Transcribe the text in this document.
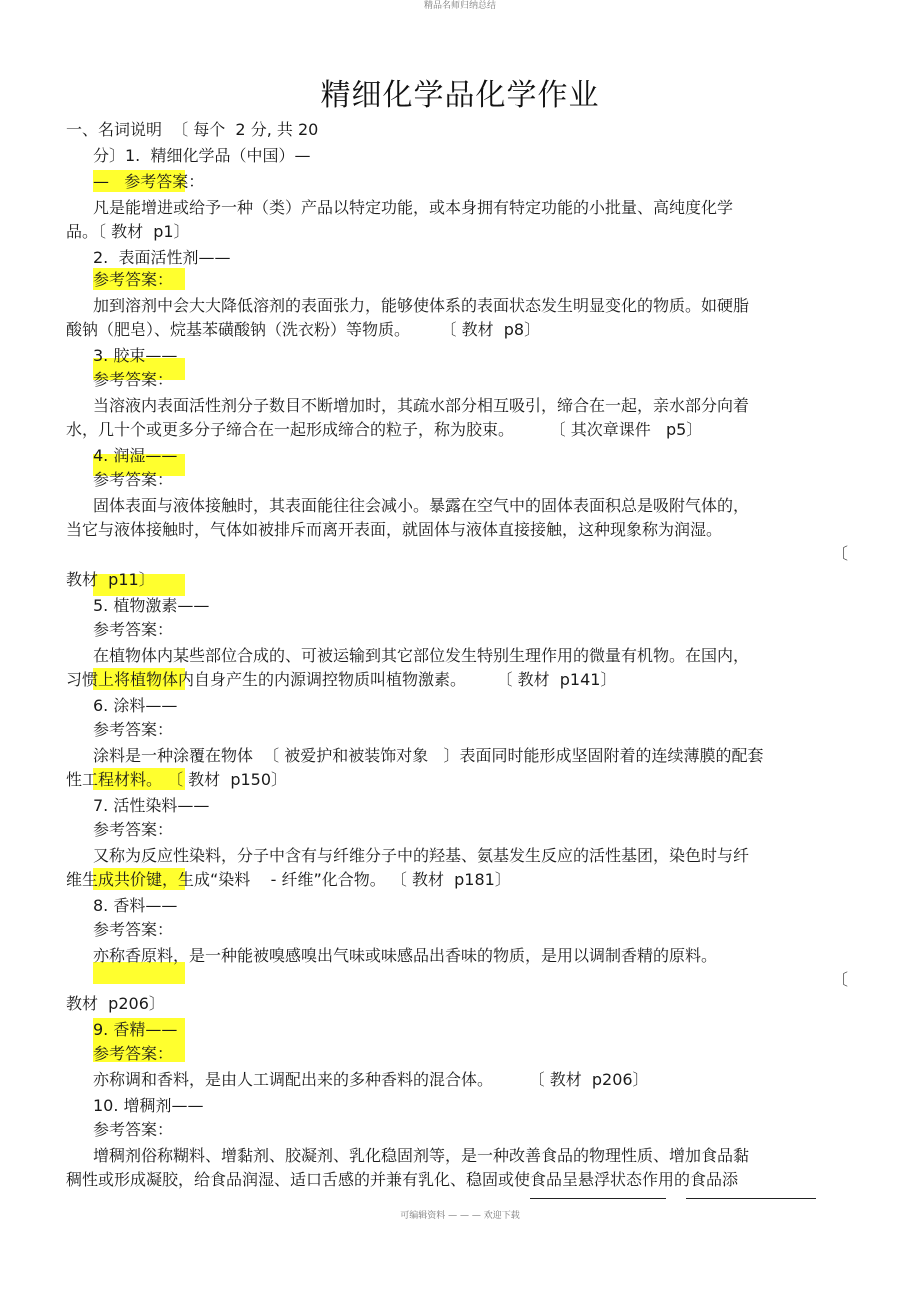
精品名师归纳总结
精细化学品化学作业
一、名词说明  〔 每个  2 分, 共 20
分〕1.  精细化学品（中国）—
—   参考答案：
凡是能增进或给予一种（类）产品以特定功能，或本身拥有特定功能的小批量、高纯度化学
品。〔 教材  p1〕
2.  表面活性剂——
参考答案：
加到溶剂中会大大降低溶剂的表面张力，能够使体系的表面状态发生明显变化的物质。如硬脂
酸钠（肥皂）、烷基苯磺酸钠（洗衣粉）等物质。      〔 教材  p8〕
3. 胶束——
参考答案：
当溶液内表面活性剂分子数目不断增加时，其疏水部分相互吸引，缔合在一起，亲水部分向着
水，几十个或更多分子缔合在一起形成缔合的粒子，称为胶束。       〔 其次章课件   p5〕
4. 润湿——
参考答案：
固体表面与液体接触时，其表面能往往会减小。暴露在空气中的固体表面积总是吸附气体的，
当它与液体接触时，气体如被排斥而离开表面，就固体与液体直接接触，这种现象称为润湿。
〔
教材  p11〕
5. 植物激素——
参考答案：
在植物体内某些部位合成的、可被运输到其它部位发生特别生理作用的微量有机物。在国内，
习惯上将植物体内自身产生的内源调控物质叫植物激素。      〔 教材  p141〕
6. 涂料——
参考答案：
涂料是一种涂覆在物体  〔 被爱护和被装饰对象   〕表面同时能形成坚固附着的连续薄膜的配套
性工程材料。 〔 教材  p150〕
7. 活性染料——
参考答案：
又称为反应性染料，分子中含有与纤维分子中的羟基、氨基发生反应的活性基团，染色时与纤
维生成共价键，生成“染料    - 纤维”化合物。 〔 教材  p181〕
8. 香料——
参考答案：
亦称香原料，是一种能被嗅感嗅出气味或味感品出香味的物质，是用以调制香精的原料。
〔
教材  p206〕
9. 香精——
参考答案：
亦称调和香料，是由人工调配出来的多种香料的混合体。       〔 教材  p206〕
10. 增稠剂——
参考答案：
增稠剂俗称糊料、增黏剂、胶凝剂、乳化稳固剂等，是一种改善食品的物理性质、增加食品黏
稠性或形成凝胶，给食品润湿、适口舌感的并兼有乳化、稳固或使食品呈悬浮状态作用的食品添
可编辑资料 — — — 欢迎下载
